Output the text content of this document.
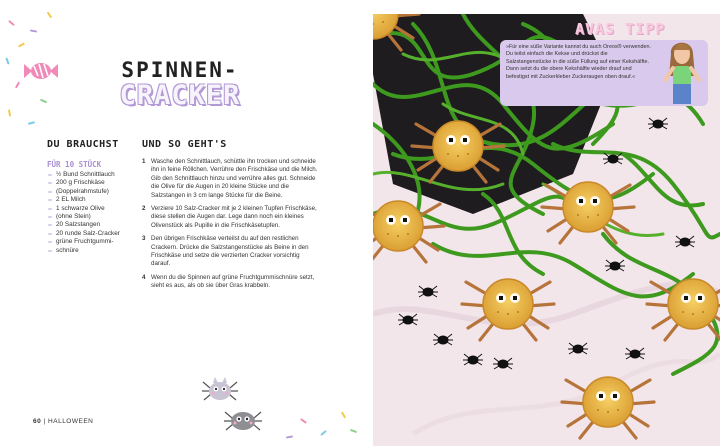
SPINNEN-
CRACKER
DU BRAUCHST UND SO GEHT'S
FÜR 10 STÜCK
½ Bund Schnittlauch
200 g Frischkäse
(Doppelrahmstufe)
2 EL Milch
1 schwarze Olive
(ohne Stein)
20 Salzstangen
20 runde Salz-Cracker
grüne Fruchtgummi-
schnüre
1 Wasche den Schnittlauch, schüttle ihn trocken und schneide ihn in feine Röllchen. Verrühre den Frischkäse und die Milch. Gib den Schnittlauch hinzu und verrühre alles gut. Schneide die Olive für die Augen in 20 kleine Stücke und die Salzstangen in 3 cm lange Stücke für die Beine.
2 Verziere 10 Salz-Cracker mit je 2 kleinen Tupfen Frischkäse, diese stellen die Augen dar. Lege dann noch ein kleines Olivenstück als Pupille in die Frischkäsetupfen.
3 Den übrigen Frischkäse verteilst du auf den restlichen Crackern. Drücke die Salzstangenstücke als Beine in den Frischkäse und setze die verzierten Cracker vorsichtig darauf.
4 Wenn du die Spinnen auf grüne Fruchtgummischnüre setzt, sieht es aus, als ob sie über Gras krabbeln.
60 | HALLOWEEN
AVAS TIPP
»Für eine süße Variante kannst du auch Oreos® verwenden. Du teilst einfach die Kekse und drückst die Salzstangenstücke in die süße Füllung auf einer Kekshälfte. Dann setzt du die obere Kekshälfte wieder drauf und befestigst mit Zuckerkleber Zuckeraugen oben drauf.«
